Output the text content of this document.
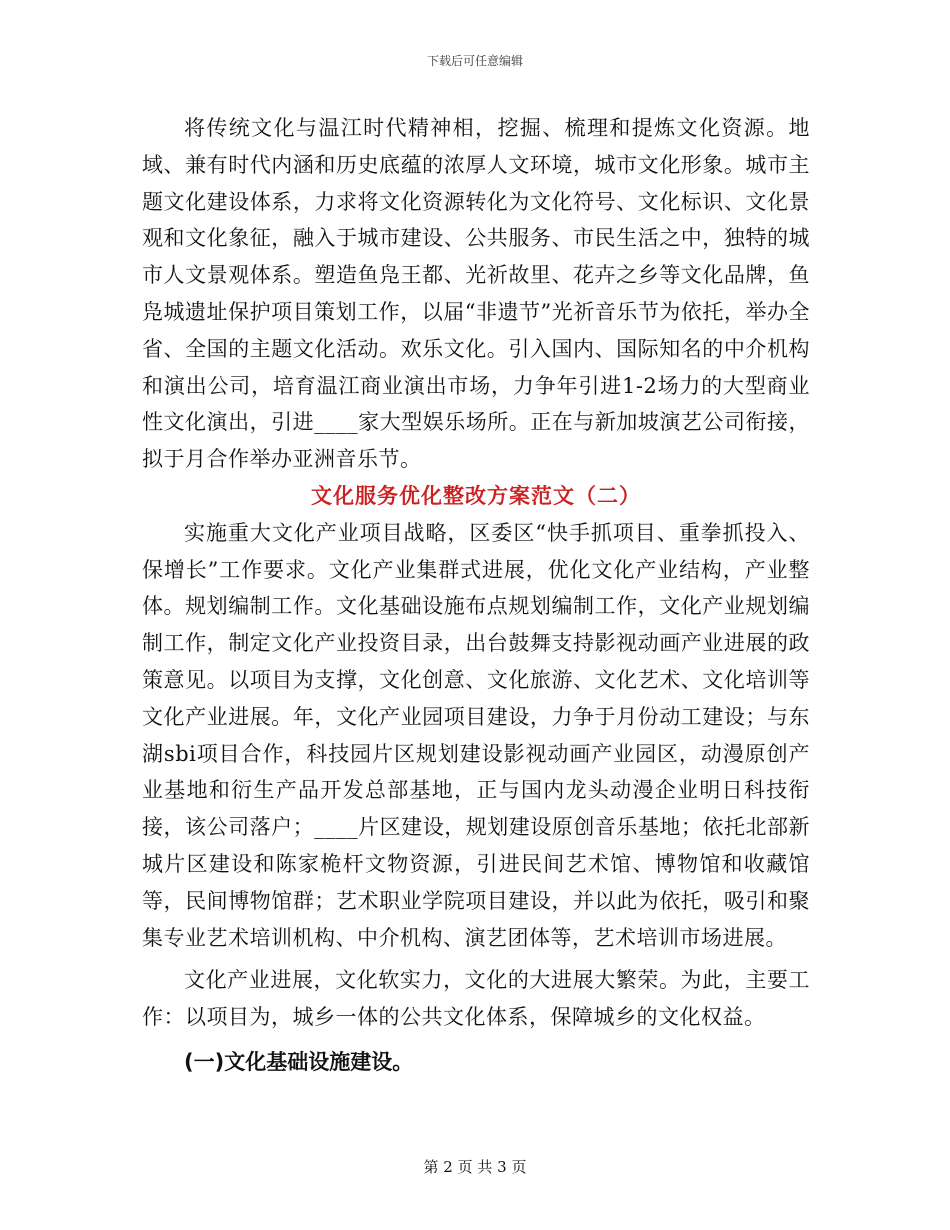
下载后可任意编辑

将传统文化与温江时代精神相，挖掘、梳理和提炼文化资源。地域、兼有时代内涵和历史底蕴的浓厚人文环境，城市文化形象。城市主题文化建设体系，力求将文化资源转化为文化符号、文化标识、文化景观和文化象征，融入于城市建设、公共服务、市民生活之中，独特的城市人文景观体系。塑造鱼凫王都、光祈故里、花卉之乡等文化品牌，鱼凫城遗址保护项目策划工作，以届“非遗节”光祈音乐节为依托，举办全省、全国的主题文化活动。欢乐文化。引入国内、国际知名的中介机构和演出公司，培育温江商业演出市场，力争年引进1-2场力的大型商业性文化演出，引进____家大型娱乐场所。正在与新加坡演艺公司衔接，拟于月合作举办亚洲音乐节。

文化服务优化整改方案范文（二）

实施重大文化产业项目战略，区委区“快手抓项目、重拳抓投入、保增长”工作要求。文化产业集群式进展，优化文化产业结构，产业整体。规划编制工作。文化基础设施布点规划编制工作，文化产业规划编制工作，制定文化产业投资目录，出台鼓舞支持影视动画产业进展的政策意见。以项目为支撑，文化创意、文化旅游、文化艺术、文化培训等文化产业进展。年，文化产业园项目建设，力争于月份动工建设；与东湖sbi项目合作，科技园片区规划建设影视动画产业园区，动漫原创产业基地和衍生产品开发总部基地，正与国内龙头动漫企业明日科技衔接，该公司落户；____片区建设，规划建设原创音乐基地；依托北部新城片区建设和陈家桅杆文物资源，引进民间艺术馆、博物馆和收藏馆等，民间博物馆群；艺术职业学院项目建设，并以此为依托，吸引和聚集专业艺术培训机构、中介机构、演艺团体等，艺术培训市场进展。

文化产业进展，文化软实力，文化的大进展大繁荣。为此，主要工作：以项目为，城乡一体的公共文化体系，保障城乡的文化权益。

(一)文化基础设施建设。

第 2 页 共 3 页
